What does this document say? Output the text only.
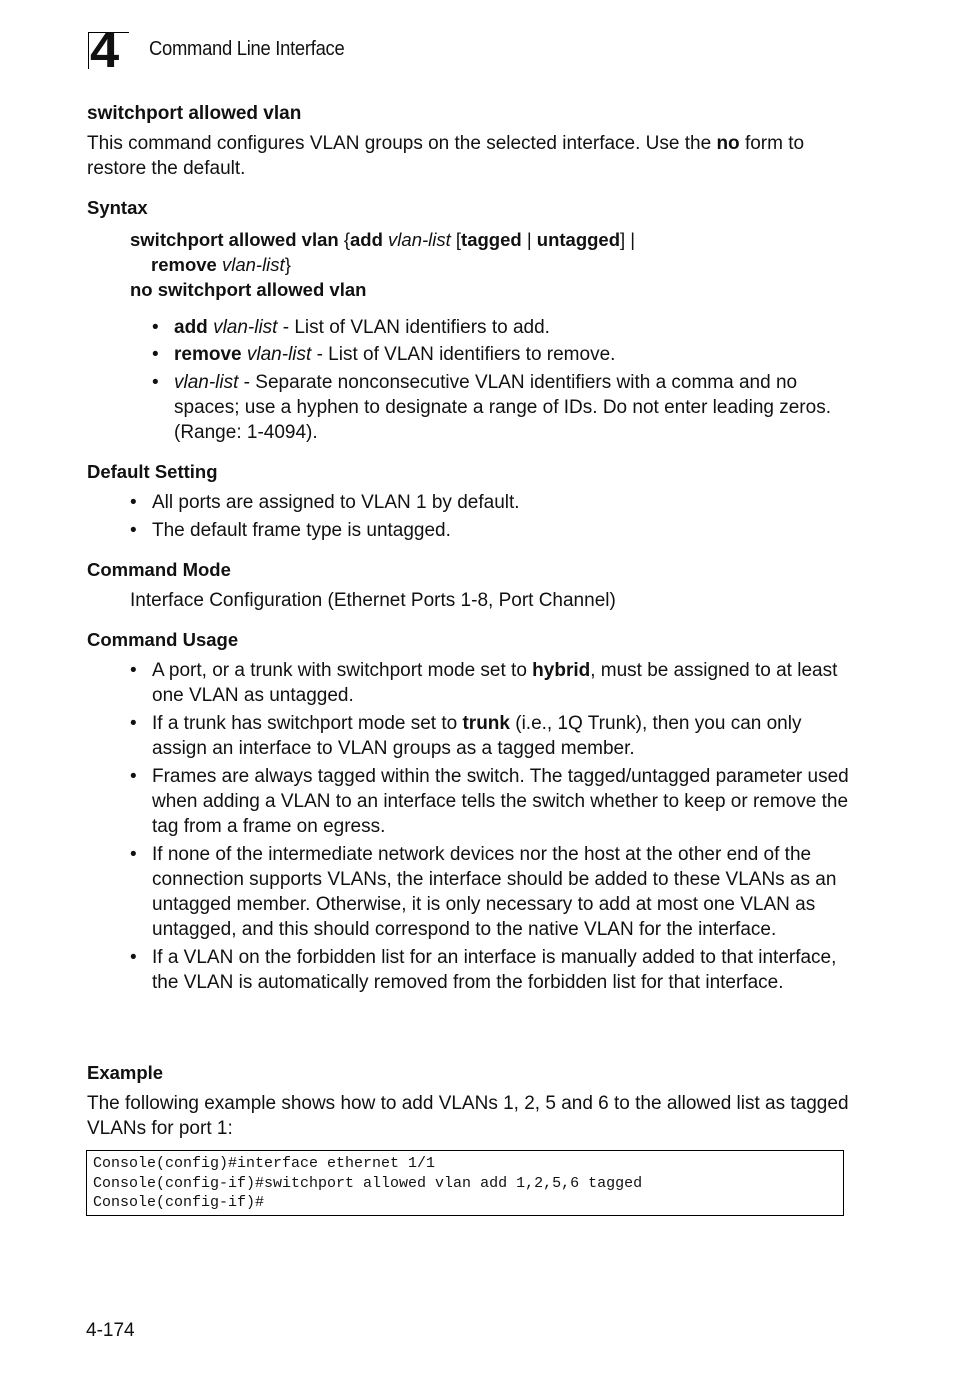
4 Command Line Interface
switchport allowed vlan
This command configures VLAN groups on the selected interface. Use the no form to restore the default.
Syntax
switchport allowed vlan {add vlan-list [tagged | untagged] |
remove vlan-list}
no switchport allowed vlan
• add vlan-list - List of VLAN identifiers to add.
• remove vlan-list - List of VLAN identifiers to remove.
• vlan-list - Separate nonconsecutive VLAN identifiers with a comma and no spaces; use a hyphen to designate a range of IDs. Do not enter leading zeros. (Range: 1-4094).
Default Setting
• All ports are assigned to VLAN 1 by default.
• The default frame type is untagged.
Command Mode
Interface Configuration (Ethernet Ports 1-8, Port Channel)
Command Usage
• A port, or a trunk with switchport mode set to hybrid, must be assigned to at least one VLAN as untagged.
• If a trunk has switchport mode set to trunk (i.e., 1Q Trunk), then you can only assign an interface to VLAN groups as a tagged member.
• Frames are always tagged within the switch. The tagged/untagged parameter used when adding a VLAN to an interface tells the switch whether to keep or remove the tag from a frame on egress.
• If none of the intermediate network devices nor the host at the other end of the connection supports VLANs, the interface should be added to these VLANs as an untagged member. Otherwise, it is only necessary to add at most one VLAN as untagged, and this should correspond to the native VLAN for the interface.
• If a VLAN on the forbidden list for an interface is manually added to that interface, the VLAN is automatically removed from the forbidden list for that interface.
Example
The following example shows how to add VLANs 1, 2, 5 and 6 to the allowed list as tagged VLANs for port 1:
Console(config)#interface ethernet 1/1
Console(config-if)#switchport allowed vlan add 1,2,5,6 tagged
Console(config-if)#
4-174
